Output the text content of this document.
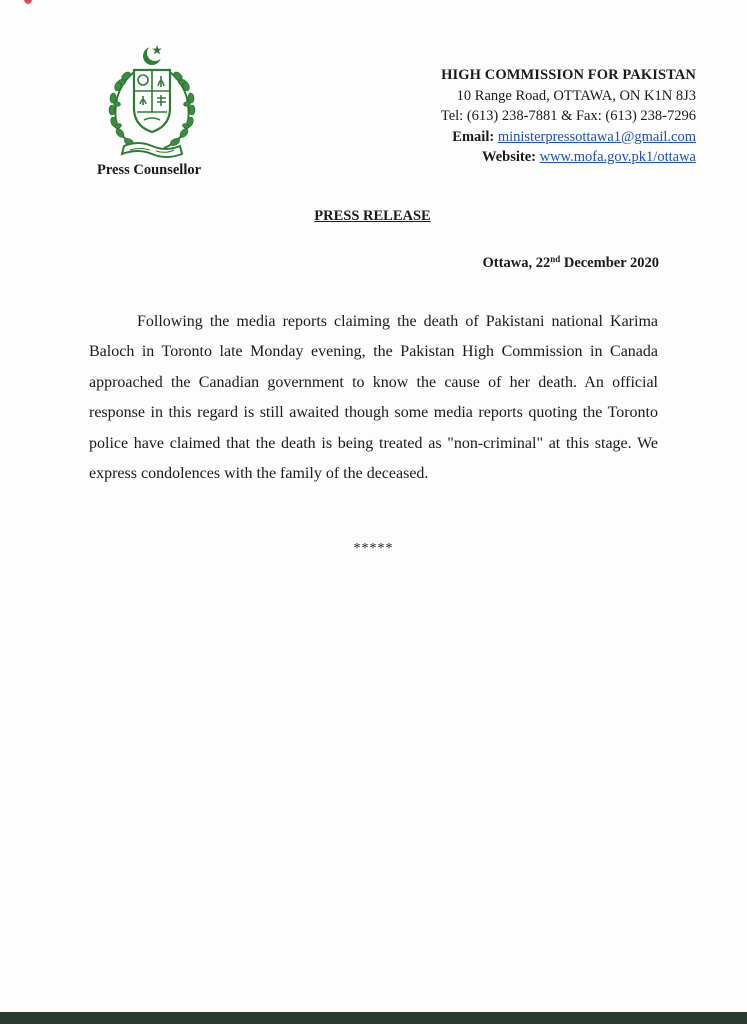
Press Counsellor
HIGH COMMISSION FOR PAKISTAN
10 Range Road, OTTAWA, ON K1N 8J3
Tel: (613) 238-7881 & Fax: (613) 238-7296
Email: ministerpressottawa1@gmail.com
Website: www.mofa.gov.pk1/ottawa
PRESS RELEASE
Ottawa, 22nd December 2020

Following the media reports claiming the death of Pakistani national Karima Baloch in Toronto late Monday evening, the Pakistan High Commission in Canada approached the Canadian government to know the cause of her death. An official response in this regard is still awaited though some media reports quoting the Toronto police have claimed that the death is being treated as "non-criminal" at this stage. We express condolences with the family of the deceased.

*****
